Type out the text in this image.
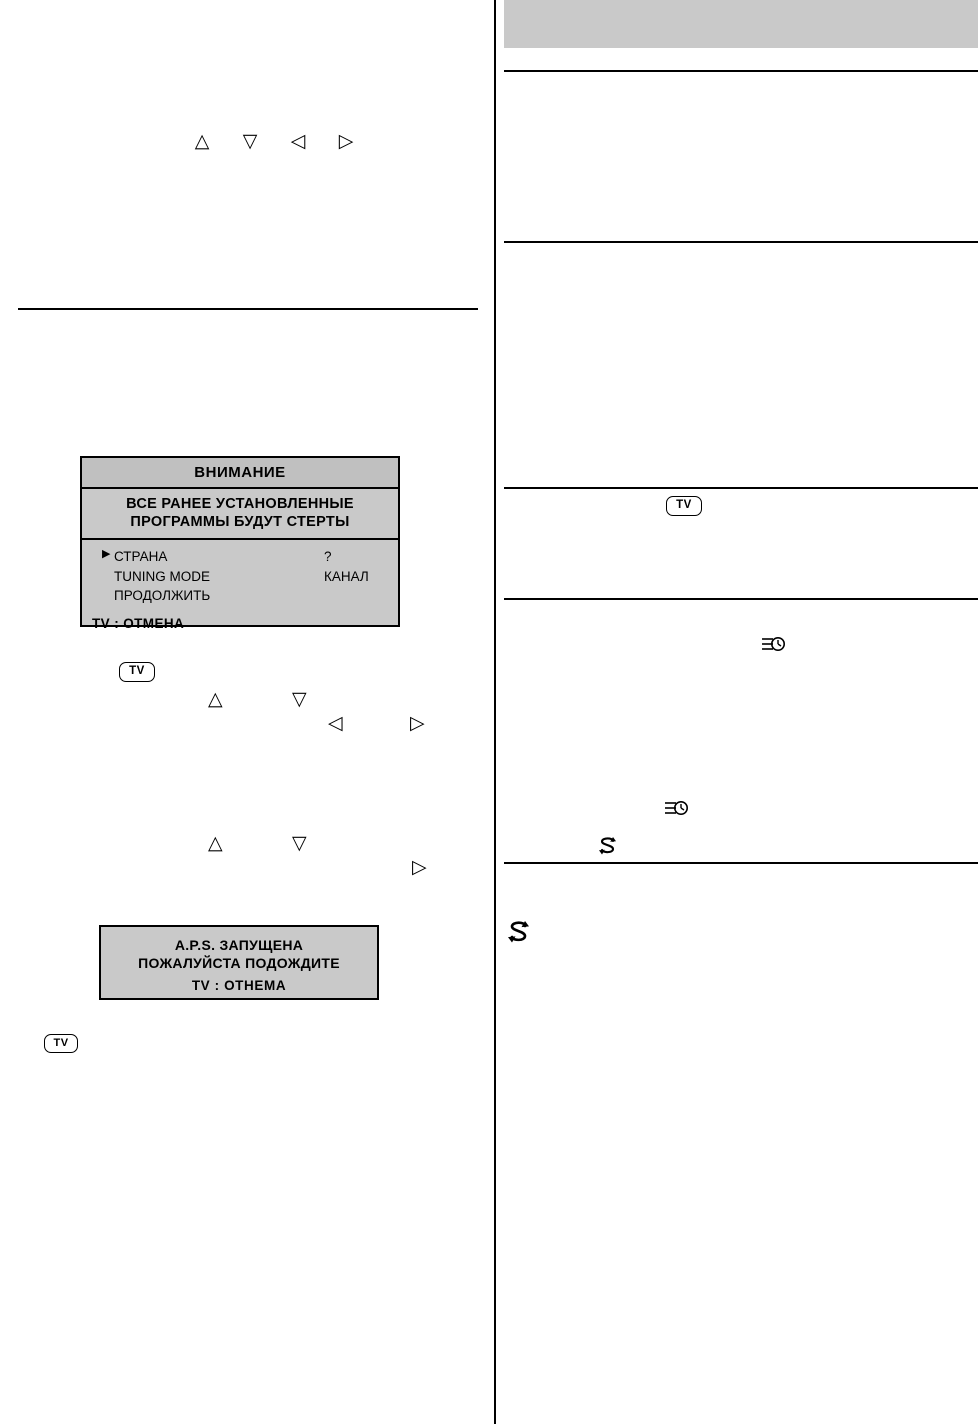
△	▽	◁	▷
ВНИМАНИЕ
ВСЕ РАНЕЕ УСТАНОВЛЕННЫЕ
ПРОГРАММЫ БУДУТ СТЕРТЫ
▶ СТРАНА	?
TUNING MODE	КАНАЛ
ПРОДОЛЖИТЬ
TV : ОТМЕНА
TV
△	▽
◁	▷
△	▽
▷
A.P.S. ЗАПУЩЕНА
ПОЖАЛУЙСТА ПОДОЖДИТЕ
TV : ОТНЕМА
TV
TV
